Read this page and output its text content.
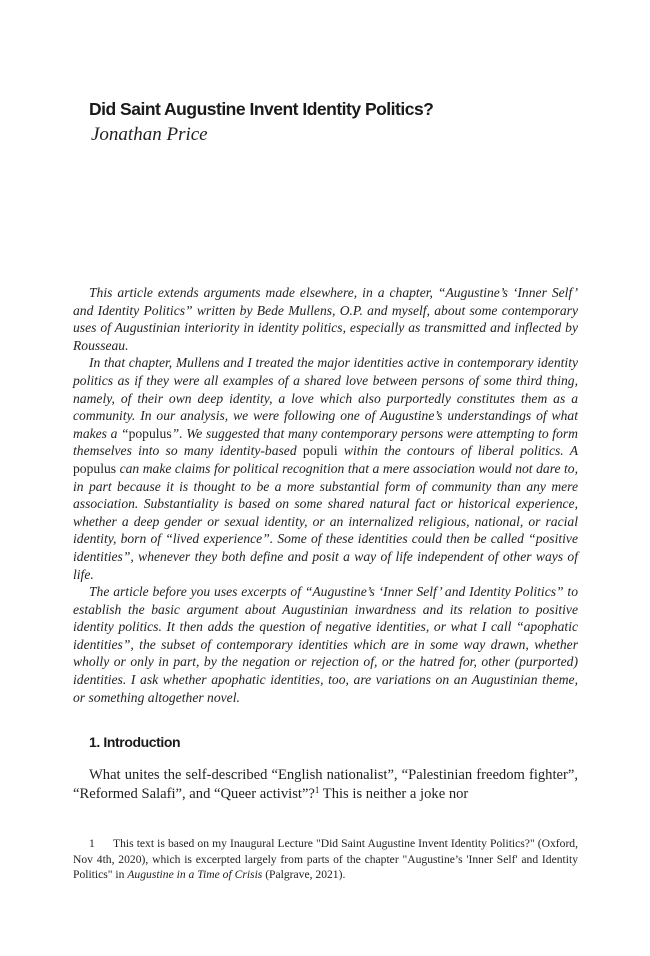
Did Saint Augustine Invent Identity Politics?
Jonathan Price

This article extends arguments made elsewhere, in a chapter, “Augustine’s ‘Inner Self’ and Identity Politics” written by Bede Mullens, O.P. and myself, about some contemporary uses of Augustinian interiority in identity politics, especially as transmitted and inflected by Rousseau.

In that chapter, Mullens and I treated the major identities active in contemporary identity politics as if they were all examples of a shared love between persons of some third thing, namely, of their own deep identity, a love which also purportedly constitutes them as a community. In our analysis, we were following one of Augustine’s understandings of what makes a “populus”. We suggested that many contemporary persons were attempting to form themselves into so many identity-based populi within the contours of liberal politics. A populus can make claims for political recognition that a mere association would not dare to, in part because it is thought to be a more substantial form of community than any mere association. Substantiality is based on some shared natural fact or historical experience, whether a deep gender or sexual identity, or an internalized religious, national, or racial identity, born of “lived experience”. Some of these identities could then be called “positive identities”, whenever they both define and posit a way of life independent of other ways of life.

The article before you uses excerpts of “Augustine’s ‘Inner Self’ and Identity Politics” to establish the basic argument about Augustinian inwardness and its relation to positive identity politics. It then adds the question of negative identities, or what I call “apophatic identities”, the subset of contemporary identities which are in some way drawn, whether wholly or only in part, by the negation or rejection of, or the hatred for, other (purported) identities. I ask whether apophatic identities, too, are variations on an Augustinian theme, or something altogether novel.

1. Introduction

What unites the self-described “English nationalist”, “Palestinian freedom fighter”, “Reformed Salafi”, and “Queer activist”?$^1$ This is neither a joke nor

1 This text is based on my Inaugural Lecture "Did Saint Augustine Invent Identity Politics?" (Oxford, Nov 4th, 2020), which is excerpted largely from parts of the chapter "Augustine’s 'Inner Self' and Identity Politics" in Augustine in a Time of Crisis (Palgrave, 2021).
